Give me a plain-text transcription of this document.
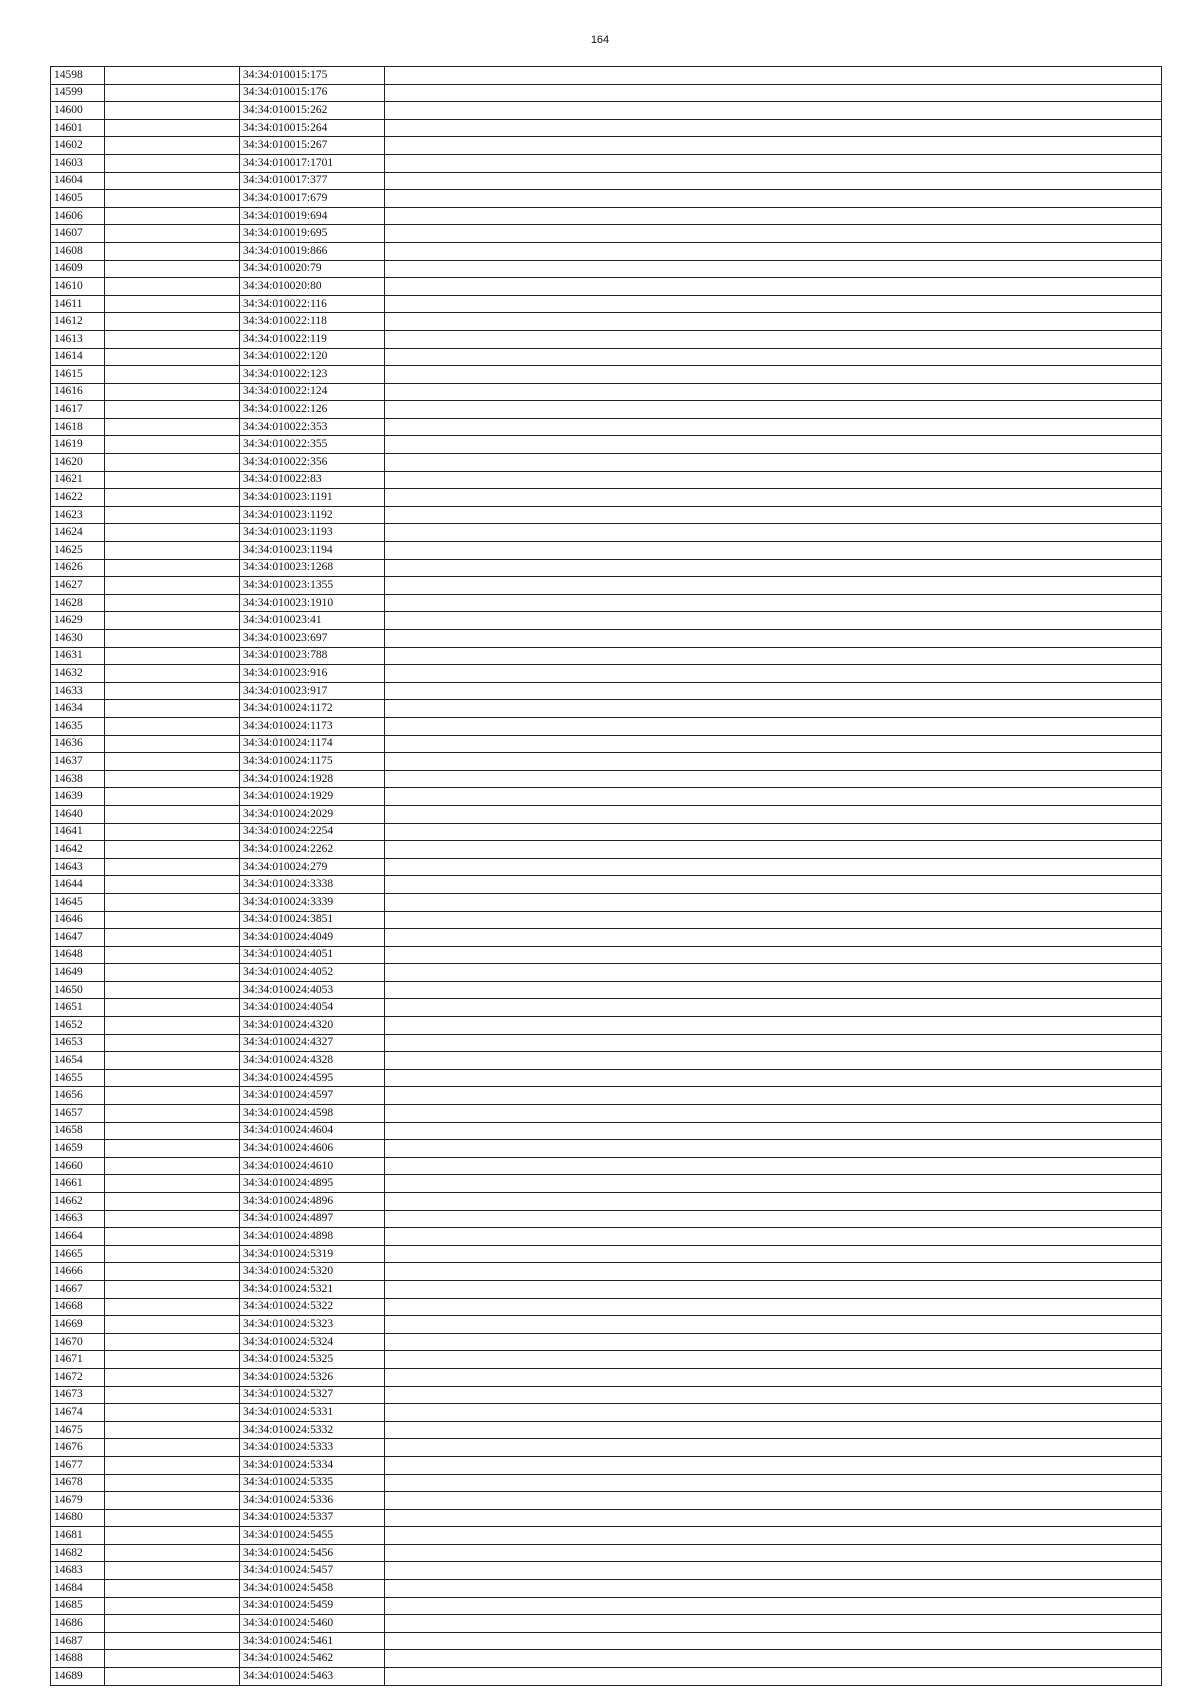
164
14598		34:34:010015:175	
14599		34:34:010015:176	
14600		34:34:010015:262	
14601		34:34:010015:264	
14602		34:34:010015:267	
14603		34:34:010017:1701	
14604		34:34:010017:377	
14605		34:34:010017:679	
14606		34:34:010019:694	
14607		34:34:010019:695	
14608		34:34:010019:866	
14609		34:34:010020:79	
14610		34:34:010020:80	
14611		34:34:010022:116	
14612		34:34:010022:118	
14613		34:34:010022:119	
14614		34:34:010022:120	
14615		34:34:010022:123	
14616		34:34:010022:124	
14617		34:34:010022:126	
14618		34:34:010022:353	
14619		34:34:010022:355	
14620		34:34:010022:356	
14621		34:34:010022:83	
14622		34:34:010023:1191	
14623		34:34:010023:1192	
14624		34:34:010023:1193	
14625		34:34:010023:1194	
14626		34:34:010023:1268	
14627		34:34:010023:1355	
14628		34:34:010023:1910	
14629		34:34:010023:41	
14630		34:34:010023:697	
14631		34:34:010023:788	
14632		34:34:010023:916	
14633		34:34:010023:917	
14634		34:34:010024:1172	
14635		34:34:010024:1173	
14636		34:34:010024:1174	
14637		34:34:010024:1175	
14638		34:34:010024:1928	
14639		34:34:010024:1929	
14640		34:34:010024:2029	
14641		34:34:010024:2254	
14642		34:34:010024:2262	
14643		34:34:010024:279	
14644		34:34:010024:3338	
14645		34:34:010024:3339	
14646		34:34:010024:3851	
14647		34:34:010024:4049	
14648		34:34:010024:4051	
14649		34:34:010024:4052	
14650		34:34:010024:4053	
14651		34:34:010024:4054	
14652		34:34:010024:4320	
14653		34:34:010024:4327	
14654		34:34:010024:4328	
14655		34:34:010024:4595	
14656		34:34:010024:4597	
14657		34:34:010024:4598	
14658		34:34:010024:4604	
14659		34:34:010024:4606	
14660		34:34:010024:4610	
14661		34:34:010024:4895	
14662		34:34:010024:4896	
14663		34:34:010024:4897	
14664		34:34:010024:4898	
14665		34:34:010024:5319	
14666		34:34:010024:5320	
14667		34:34:010024:5321	
14668		34:34:010024:5322	
14669		34:34:010024:5323	
14670		34:34:010024:5324	
14671		34:34:010024:5325	
14672		34:34:010024:5326	
14673		34:34:010024:5327	
14674		34:34:010024:5331	
14675		34:34:010024:5332	
14676		34:34:010024:5333	
14677		34:34:010024:5334	
14678		34:34:010024:5335	
14679		34:34:010024:5336	
14680		34:34:010024:5337	
14681		34:34:010024:5455	
14682		34:34:010024:5456	
14683		34:34:010024:5457	
14684		34:34:010024:5458	
14685		34:34:010024:5459	
14686		34:34:010024:5460	
14687		34:34:010024:5461	
14688		34:34:010024:5462	
14689		34:34:010024:5463	
